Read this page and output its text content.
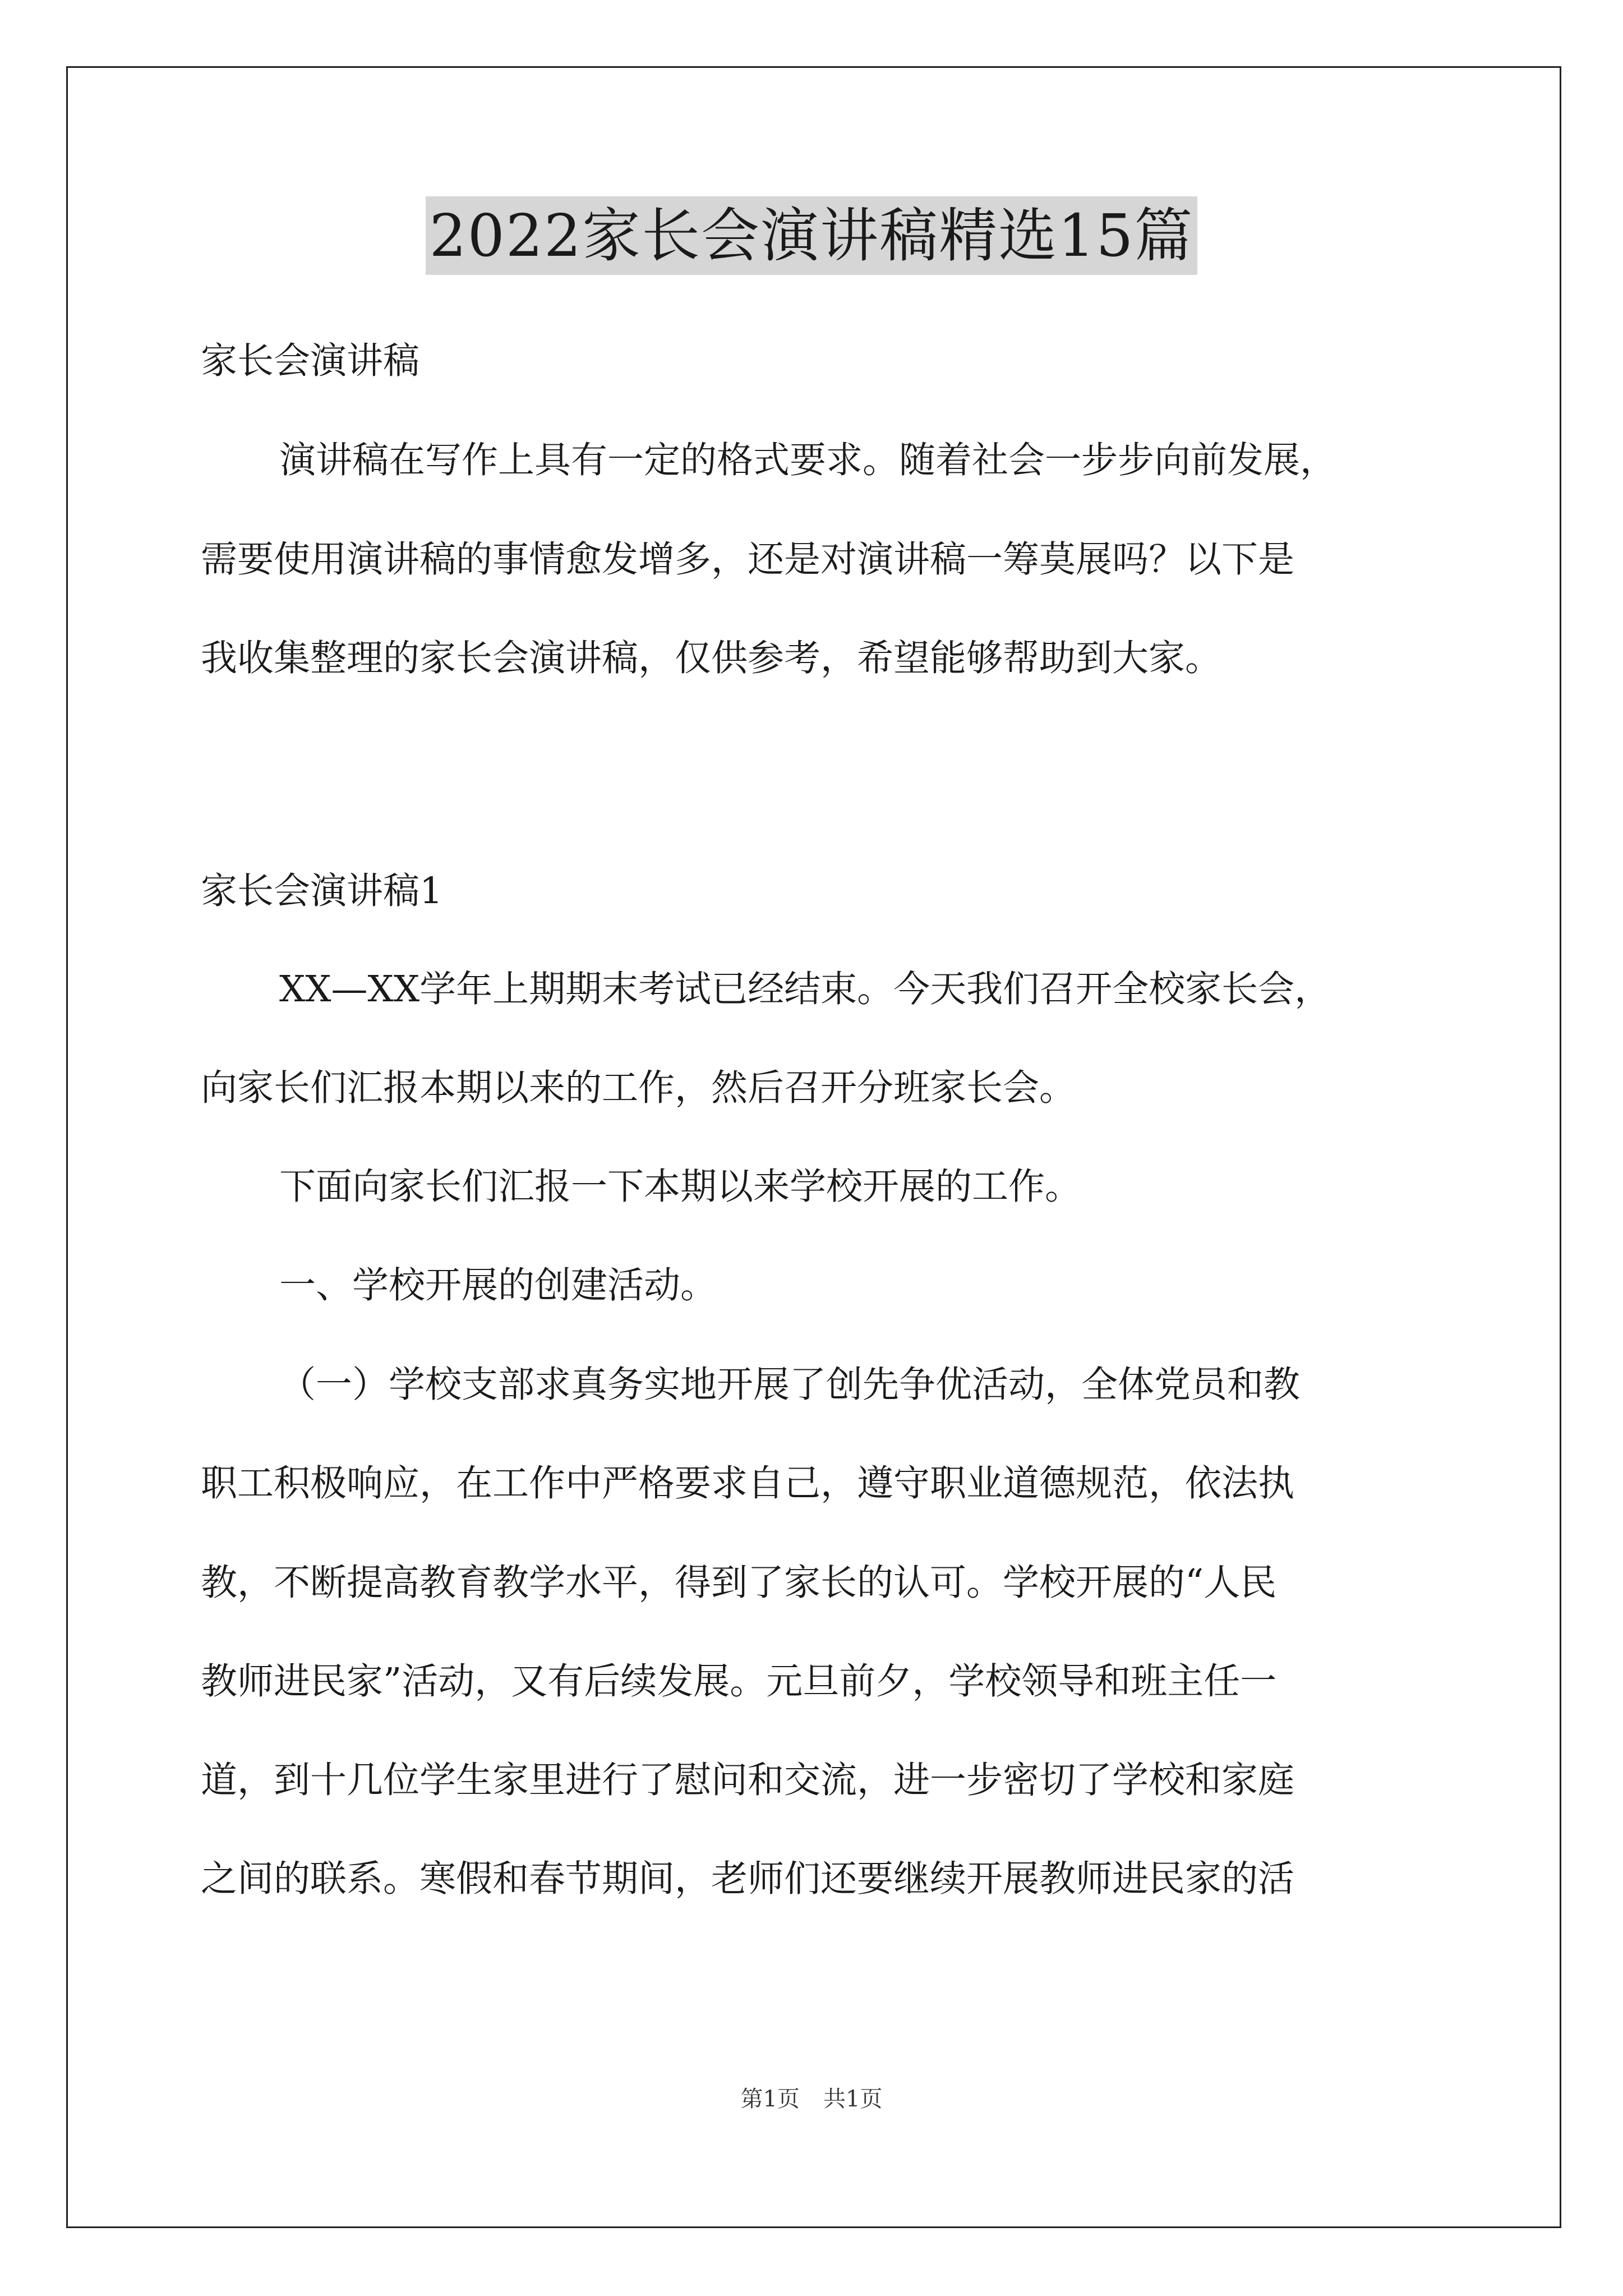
2022家长会演讲稿精选15篇
家长会演讲稿
演讲稿在写作上具有一定的格式要求。随着社会一步步向前发展，
需要使用演讲稿的事情愈发增多，还是对演讲稿一筹莫展吗？以下是
我收集整理的家长会演讲稿，仅供参考，希望能够帮助到大家。
家长会演讲稿1
XX—XX学年上期期末考试已经结束。今天我们召开全校家长会，
向家长们汇报本期以来的工作，然后召开分班家长会。
下面向家长们汇报一下本期以来学校开展的工作。
一、学校开展的创建活动。
（一）学校支部求真务实地开展了创先争优活动，全体党员和教
职工积极响应，在工作中严格要求自己，遵守职业道德规范，依法执
教，不断提高教育教学水平，得到了家长的认可。学校开展的“人民
教师进民家”活动，又有后续发展。元旦前夕，学校领导和班主任一
道，到十几位学生家里进行了慰问和交流，进一步密切了学校和家庭
之间的联系。寒假和春节期间，老师们还要继续开展教师进民家的活
第1页 共1页
